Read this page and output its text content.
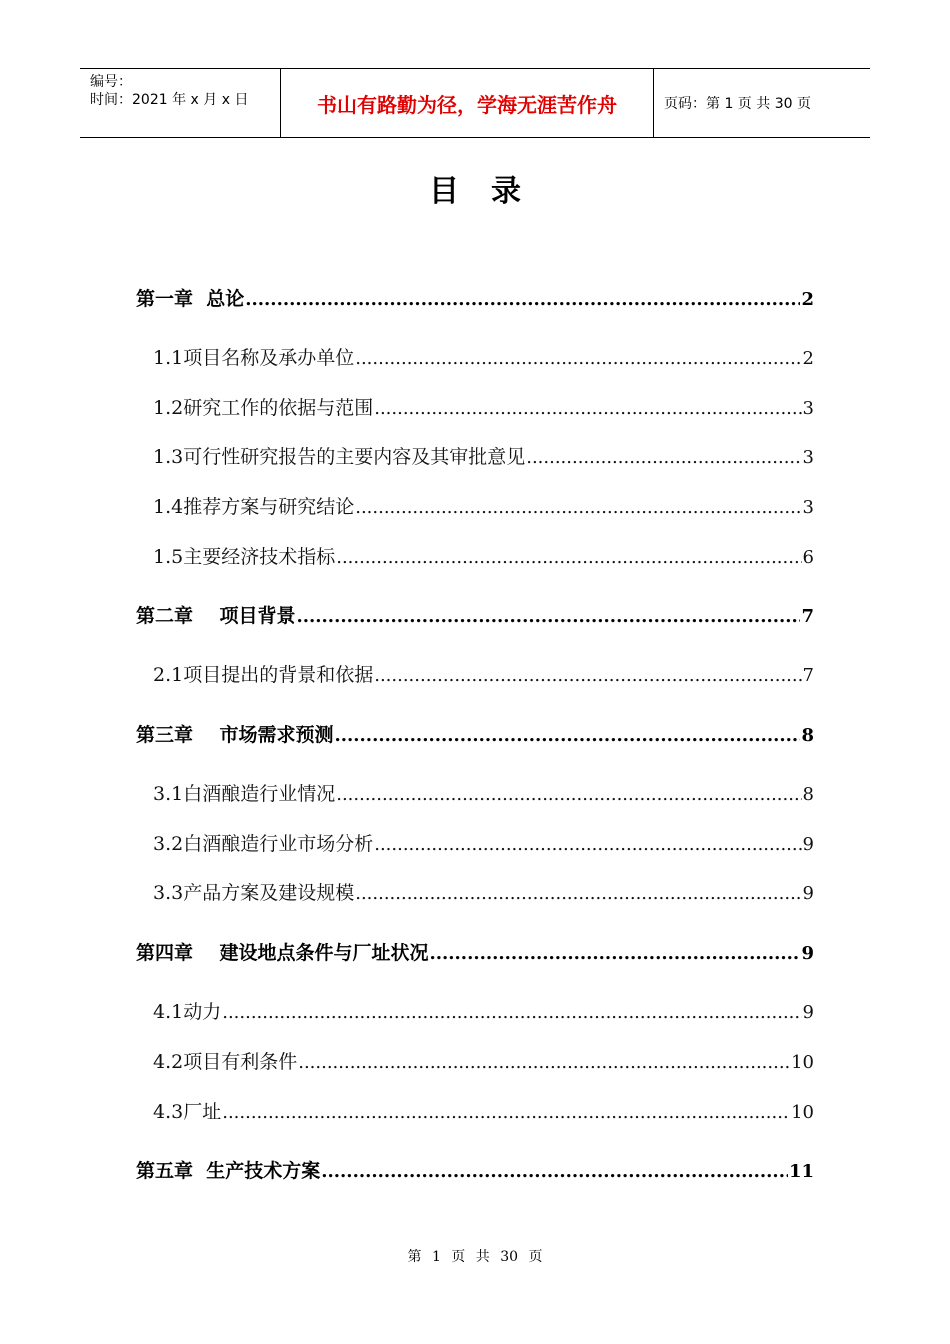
编号：
时间：2021 年 x 月 x 日	书山有路勤为径，学海无涯苦作舟	页码：第 1 页 共 30 页
目录
第一章  总论 .....	2
1.1项目名称及承办单位 .....	2
1.2研究工作的依据与范围 .....	3
1.3可行性研究报告的主要内容及其审批意见 .....	3
1.4推荐方案与研究结论 .....	3
1.5主要经济技术指标 .....	6
第二章    项目背景 .....	7
2.1项目提出的背景和依据 .....	7
第三章    市场需求预测 .....	8
3.1白酒酿造行业情况 .....	8
3.2白酒酿造行业市场分析 .....	9
3.3产品方案及建设规模 .....	9
第四章    建设地点条件与厂址状况 .....	9
4.1动力 .....	9
4.2项目有利条件 .....	10
4.3厂址 .....	10
第五章  生产技术方案 .....	11
第 1 页 共 30 页
